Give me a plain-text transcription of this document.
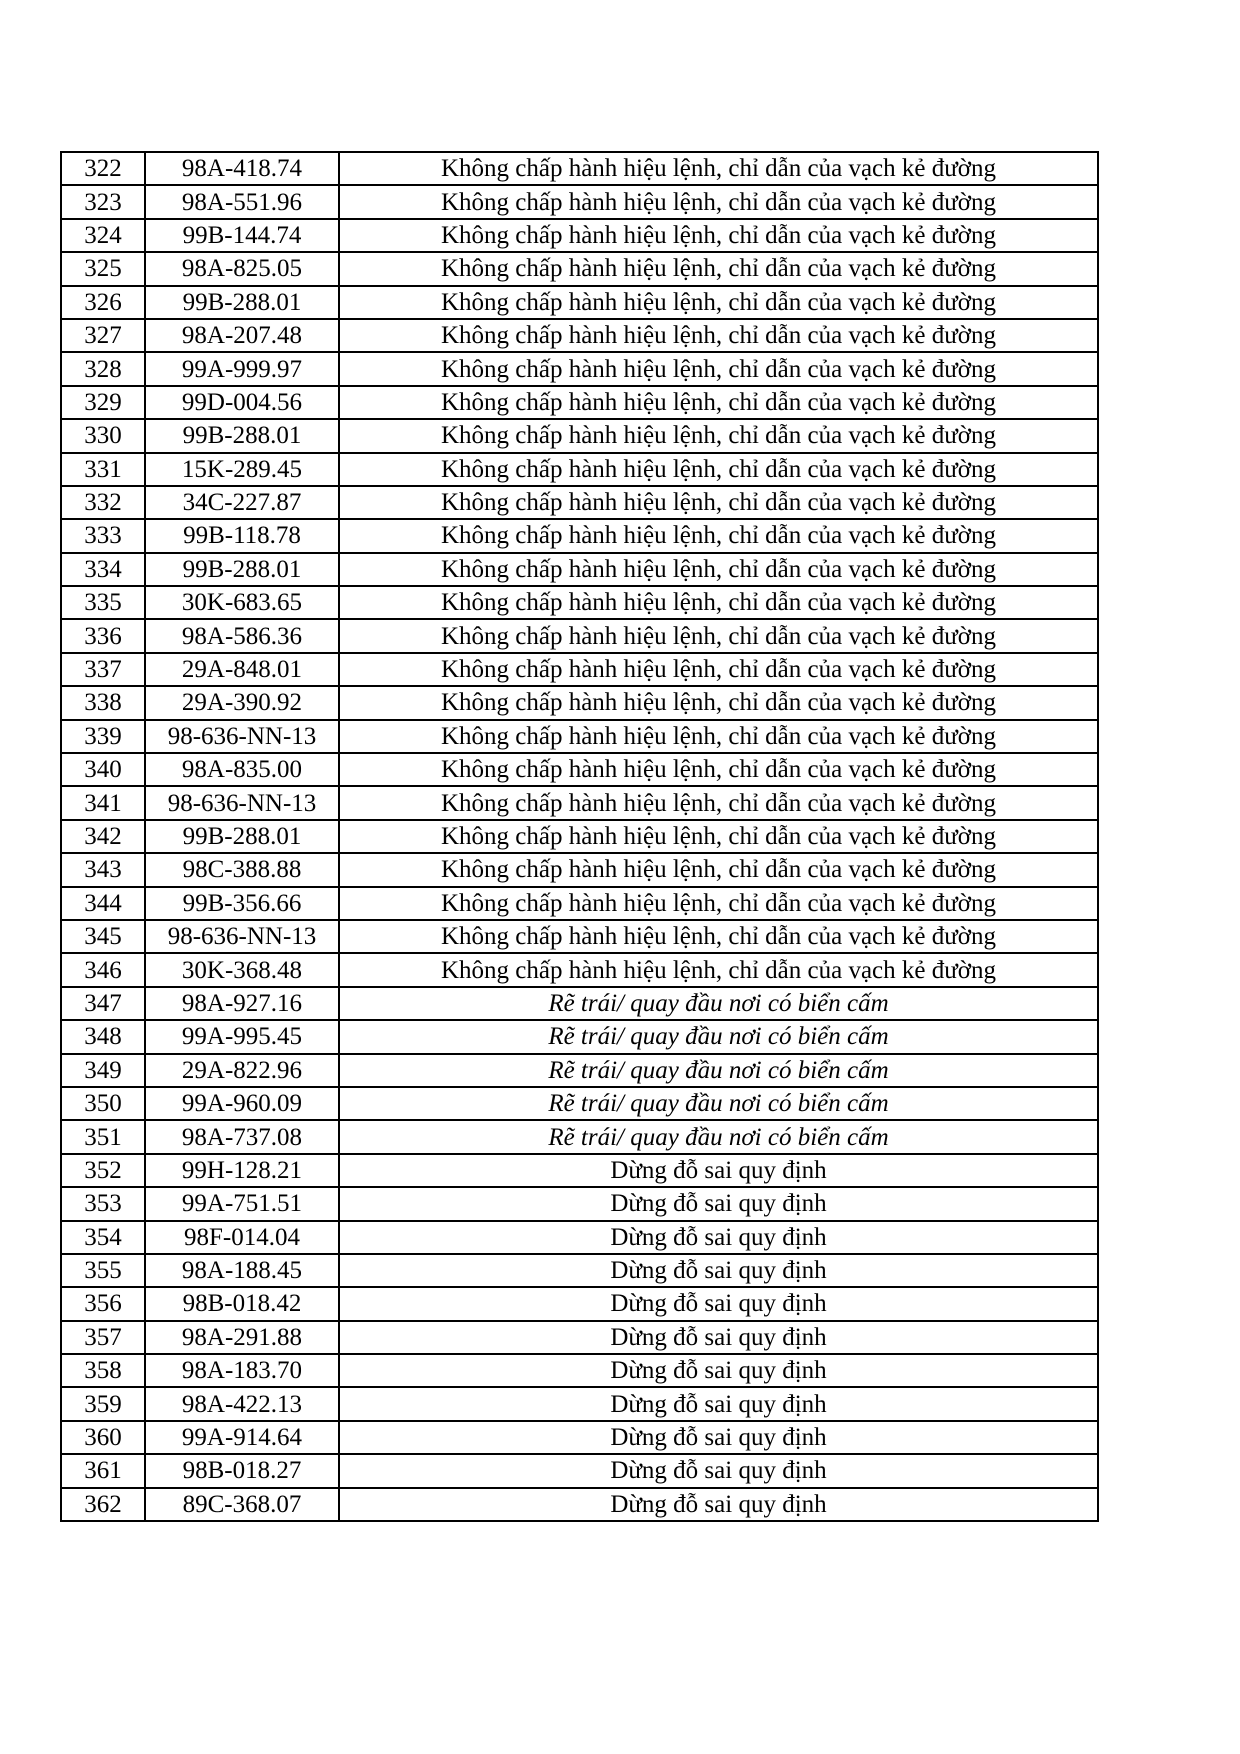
322	98A-418.74	Không chấp hành hiệu lệnh, chỉ dẫn của vạch kẻ đường
323	98A-551.96	Không chấp hành hiệu lệnh, chỉ dẫn của vạch kẻ đường
324	99B-144.74	Không chấp hành hiệu lệnh, chỉ dẫn của vạch kẻ đường
325	98A-825.05	Không chấp hành hiệu lệnh, chỉ dẫn của vạch kẻ đường
326	99B-288.01	Không chấp hành hiệu lệnh, chỉ dẫn của vạch kẻ đường
327	98A-207.48	Không chấp hành hiệu lệnh, chỉ dẫn của vạch kẻ đường
328	99A-999.97	Không chấp hành hiệu lệnh, chỉ dẫn của vạch kẻ đường
329	99D-004.56	Không chấp hành hiệu lệnh, chỉ dẫn của vạch kẻ đường
330	99B-288.01	Không chấp hành hiệu lệnh, chỉ dẫn của vạch kẻ đường
331	15K-289.45	Không chấp hành hiệu lệnh, chỉ dẫn của vạch kẻ đường
332	34C-227.87	Không chấp hành hiệu lệnh, chỉ dẫn của vạch kẻ đường
333	99B-118.78	Không chấp hành hiệu lệnh, chỉ dẫn của vạch kẻ đường
334	99B-288.01	Không chấp hành hiệu lệnh, chỉ dẫn của vạch kẻ đường
335	30K-683.65	Không chấp hành hiệu lệnh, chỉ dẫn của vạch kẻ đường
336	98A-586.36	Không chấp hành hiệu lệnh, chỉ dẫn của vạch kẻ đường
337	29A-848.01	Không chấp hành hiệu lệnh, chỉ dẫn của vạch kẻ đường
338	29A-390.92	Không chấp hành hiệu lệnh, chỉ dẫn của vạch kẻ đường
339	98-636-NN-13	Không chấp hành hiệu lệnh, chỉ dẫn của vạch kẻ đường
340	98A-835.00	Không chấp hành hiệu lệnh, chỉ dẫn của vạch kẻ đường
341	98-636-NN-13	Không chấp hành hiệu lệnh, chỉ dẫn của vạch kẻ đường
342	99B-288.01	Không chấp hành hiệu lệnh, chỉ dẫn của vạch kẻ đường
343	98C-388.88	Không chấp hành hiệu lệnh, chỉ dẫn của vạch kẻ đường
344	99B-356.66	Không chấp hành hiệu lệnh, chỉ dẫn của vạch kẻ đường
345	98-636-NN-13	Không chấp hành hiệu lệnh, chỉ dẫn của vạch kẻ đường
346	30K-368.48	Không chấp hành hiệu lệnh, chỉ dẫn của vạch kẻ đường
347	98A-927.16	Rẽ trái/ quay đầu nơi có biển cấm
348	99A-995.45	Rẽ trái/ quay đầu nơi có biển cấm
349	29A-822.96	Rẽ trái/ quay đầu nơi có biển cấm
350	99A-960.09	Rẽ trái/ quay đầu nơi có biển cấm
351	98A-737.08	Rẽ trái/ quay đầu nơi có biển cấm
352	99H-128.21	Dừng đỗ sai quy định
353	99A-751.51	Dừng đỗ sai quy định
354	98F-014.04	Dừng đỗ sai quy định
355	98A-188.45	Dừng đỗ sai quy định
356	98B-018.42	Dừng đỗ sai quy định
357	98A-291.88	Dừng đỗ sai quy định
358	98A-183.70	Dừng đỗ sai quy định
359	98A-422.13	Dừng đỗ sai quy định
360	99A-914.64	Dừng đỗ sai quy định
361	98B-018.27	Dừng đỗ sai quy định
362	89C-368.07	Dừng đỗ sai quy định
